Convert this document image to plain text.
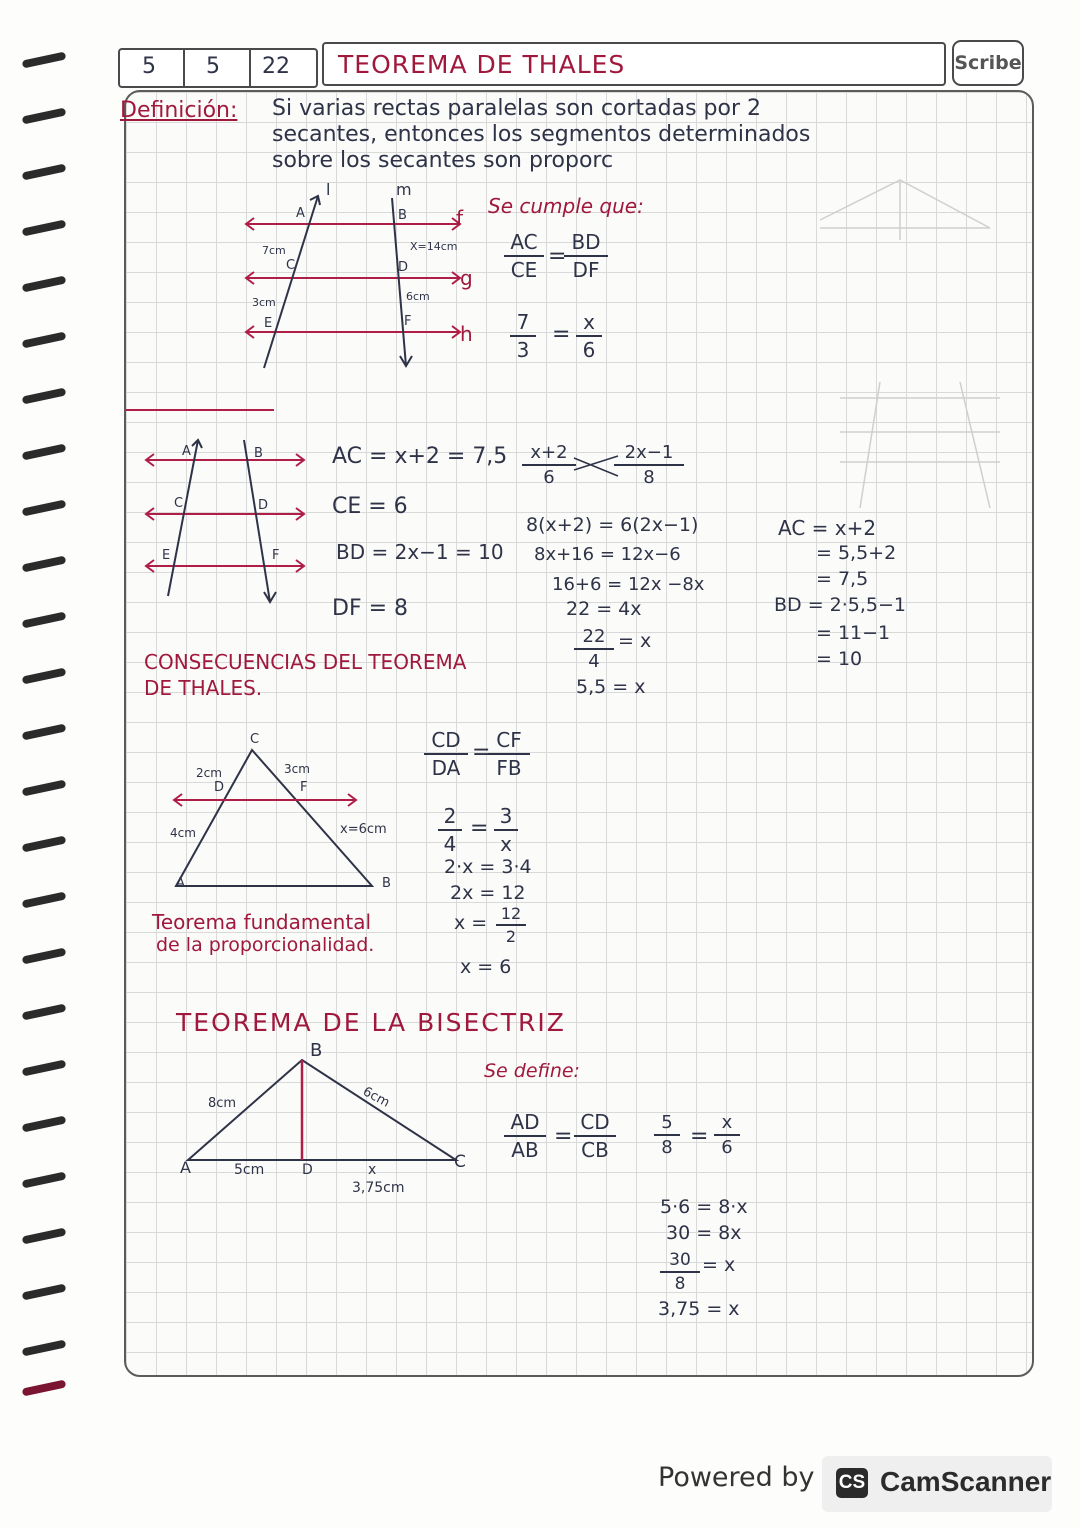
5 5 22 TEOREMA DE THALES	Scribe
Definición: Si varias rectas paralelas son cortadas por 2
secantes, entonces los segmentos determinados
sobre los secantes son proporc
l	m
A	B
C	D
E	F
f
g
h
7cm
3cm
X=14cm
6cm
Se cumple que:
AC
CE
=
BD
DF
7
3
= x
6
A	B
C	D
E	F
AC = x+2 = 7,5
CE = 6
BD = 2x−1 = 10
DF = 8
x+2
6
2x−1
8
8(x+2) = 6(2x−1)
8x+16 = 12x−6
16+6 = 12x −8x
22 = 4x
22
4
= x
5,5 = x
AC = x+2
= 5,5+2
= 7,5
BD = 2·5,5−1
= 11−1
= 10
CONSECUENCIAS DEL TEOREMA
DE THALES.
C
D	F
A	B
2cm
4cm
3cm
x=6cm
CD
DA
= CF
FB
2
4
= 3
x
2·x = 3·4
2x = 12
x = 12
2
x = 6
Teorema fundamental
de la proporcionalidad.
TEOREMA DE LA BISECTRIZ
Se define:
B
A	D	C
8cm	6cm
5cm	x
3,75cm
AD
AB
=
CD
CB
5
8 =
x
6
5·6 = 8·x
30 = 8x
30
8
= x
3,75 = x
Powered by CS CamScanner
